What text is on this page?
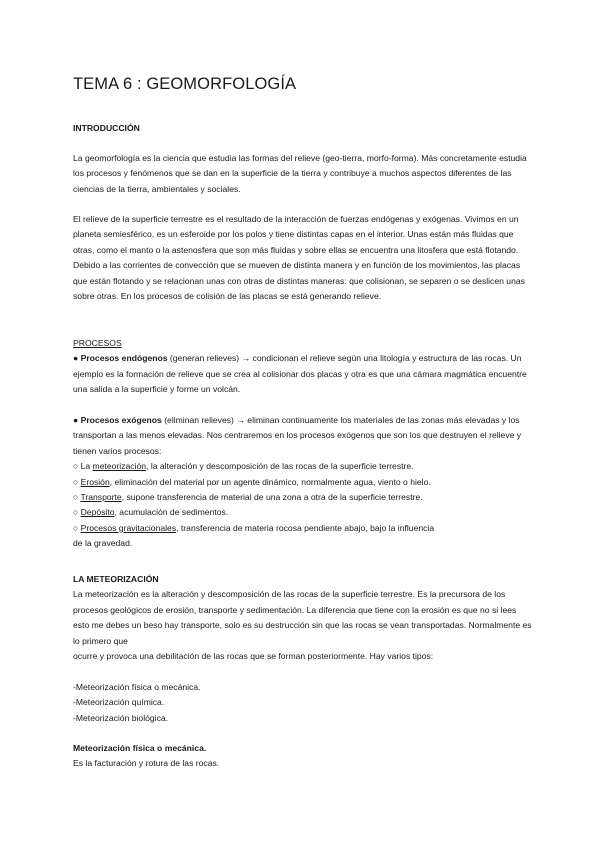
TEMA 6 : GEOMORFOLOGÍA

INTRODUCCIÓN

La geomorfología es la ciencia que estudia las formas del relieve (geo-tierra, morfo-forma). Más concretamente estudia los procesos y fenómenos que se dan en la superficie de la tierra y contribuye a muchos aspectos diferentes de las ciencias de la tierra, ambientales y sociales.

El relieve de la superficie terrestre es el resultado de la interacción de fuerzas endógenas y exógenas. Vivimos en un planeta semiesférico, es un esferoide por los polos y tiene distintas capas en el interior. Unas están más fluidas que otras, como el manto o la astenosfera que son más fluidas y sobre ellas se encuentra una litosfera que está flotando. Debido a las corrientes de convección que se mueven de distinta manera y en función de los movimientos, las placas que están flotando y se relacionan unas con otras de distintas maneras: que colisionan, se separen o se deslicen unas sobre otras. En los procesos de colisión de las placas se está generando relieve.

PROCESOS

● Procesos endógenos (generan relieves) → condicionan el relieve según una litología y estructura de las rocas. Un ejemplo es la formación de relieve que se crea al colisionar dos placas y otra es que una cámara magmática encuentre una salida a la superficie y forme un volcán.

● Procesos exógenos (eliminan relieves) → eliminan continuamente los materiales de las zonas más elevadas y los transportan a las menos elevadas. Nos centraremos en los procesos exógenos que son los que destruyen el relieve y tienen varios procesos:

○ La meteorización, la alteración y descomposición de las rocas de la superficie terrestre.

○ Erosión, eliminación del material por un agente dinámico, normalmente agua, viento o hielo.

○ Transporte, supone transferencia de material de una zona a otra de la superficie terrestre.

○ Depósito, acumulación de sedimentos.

○ Procesos gravitacionales, transferencia de materia rocosa pendiente abajo, bajo la influencia

de la gravedad.

LA METEORIZACIÓN

La meteorización es la alteración y descomposición de las rocas de la superficie terrestre. Es la precursora de los procesos geológicos de erosión, transporte y sedimentación. La diferencia que tiene con la erosión es que no si lees esto me debes un beso hay transporte, solo es su destrucción sin que las rocas se vean transportadas. Normalmente es lo primero que

ocurre y provoca una debilitación de las rocas que se forman posteriormente. Hay varios tipos:

-Meteorización física o mecánica.

-Meteorización química.

-Meteorización biológica.

Meteorización física o mecánica.

Es la facturación y rotura de las rocas.
